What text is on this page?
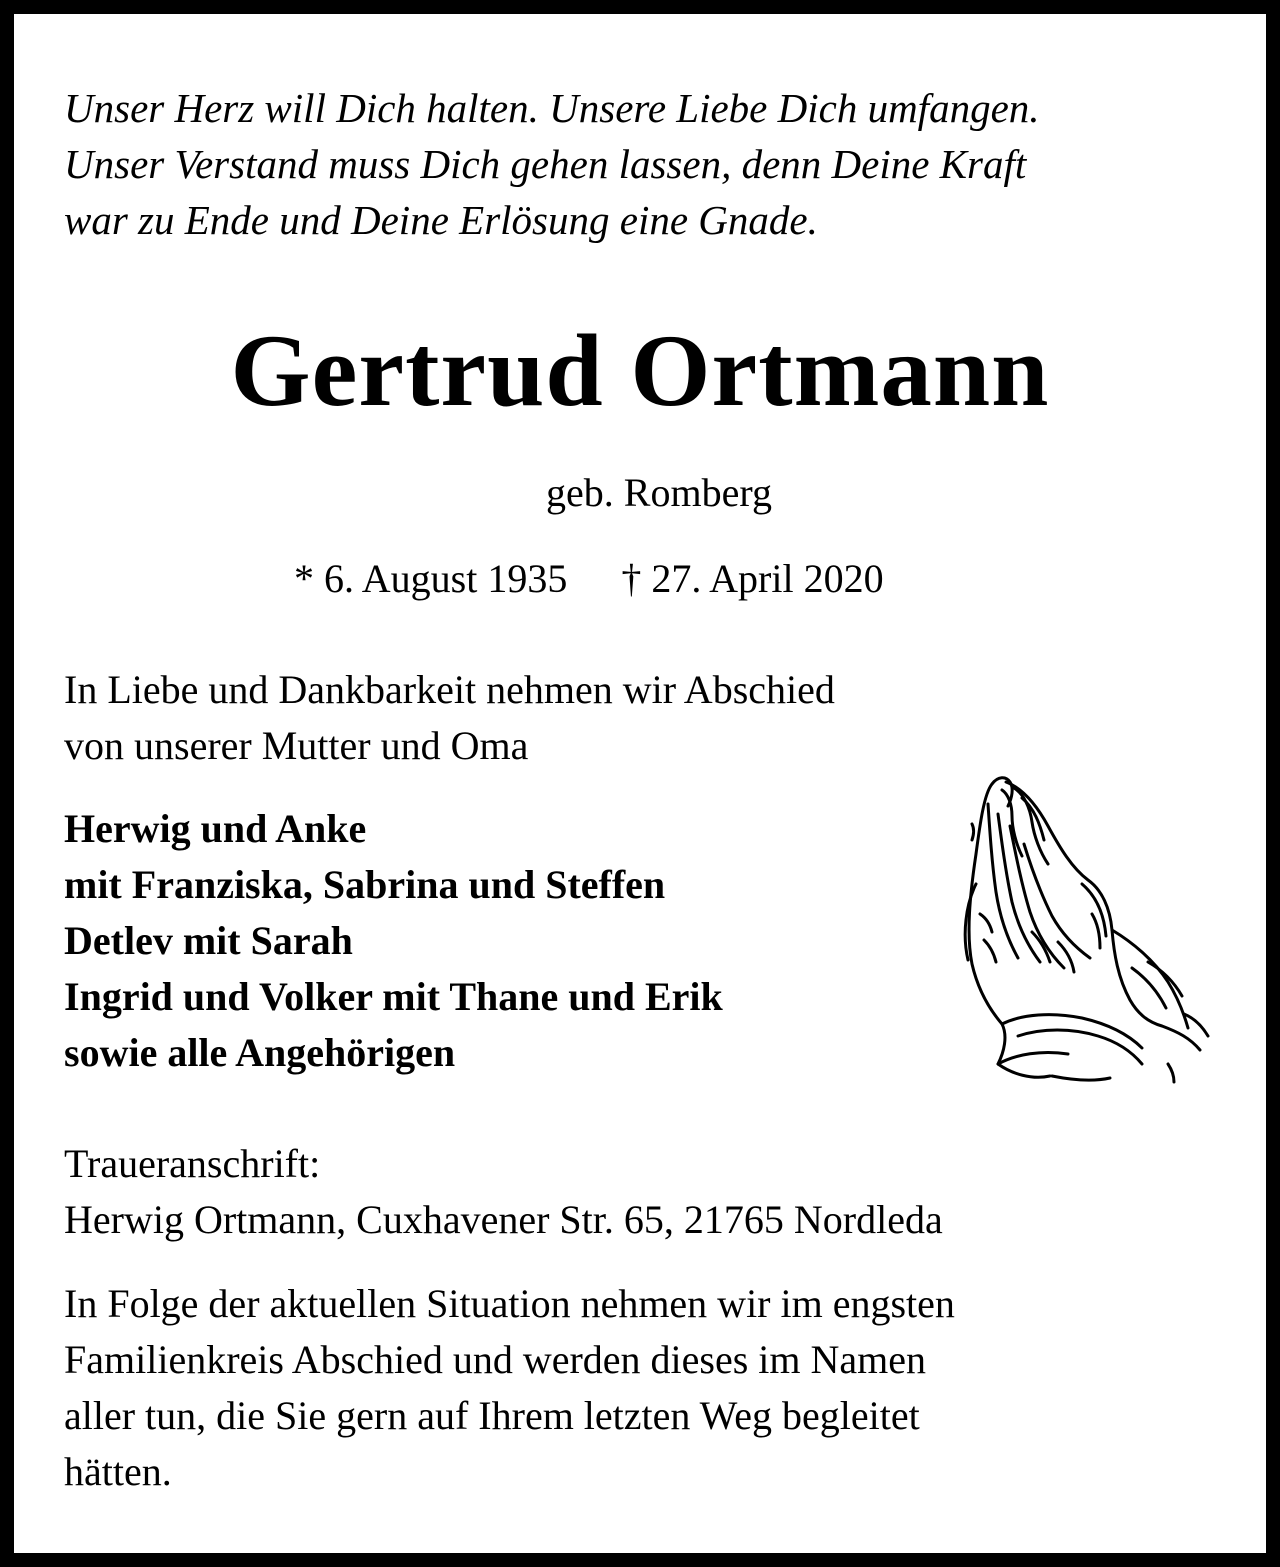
Unser Herz will Dich halten. Unsere Liebe Dich umfangen.
Unser Verstand muss Dich gehen lassen, denn Deine Kraft
war zu Ende und Deine Erlösung eine Gnade.
Gertrud Ortmann
geb. Romberg
* 6. August 1935 † 27. April 2020
In Liebe und Dankbarkeit nehmen wir Abschied
von unserer Mutter und Oma
Herwig und Anke
mit Franziska, Sabrina und Steffen
Detlev mit Sarah
Ingrid und Volker mit Thane und Erik
sowie alle Angehörigen
Traueranschrift:
Herwig Ortmann, Cuxhavener Str. 65, 21765 Nordleda
In Folge der aktuellen Situation nehmen wir im engsten
Familienkreis Abschied und werden dieses im Namen
aller tun, die Sie gern auf Ihrem letzten Weg begleitet
hätten.
